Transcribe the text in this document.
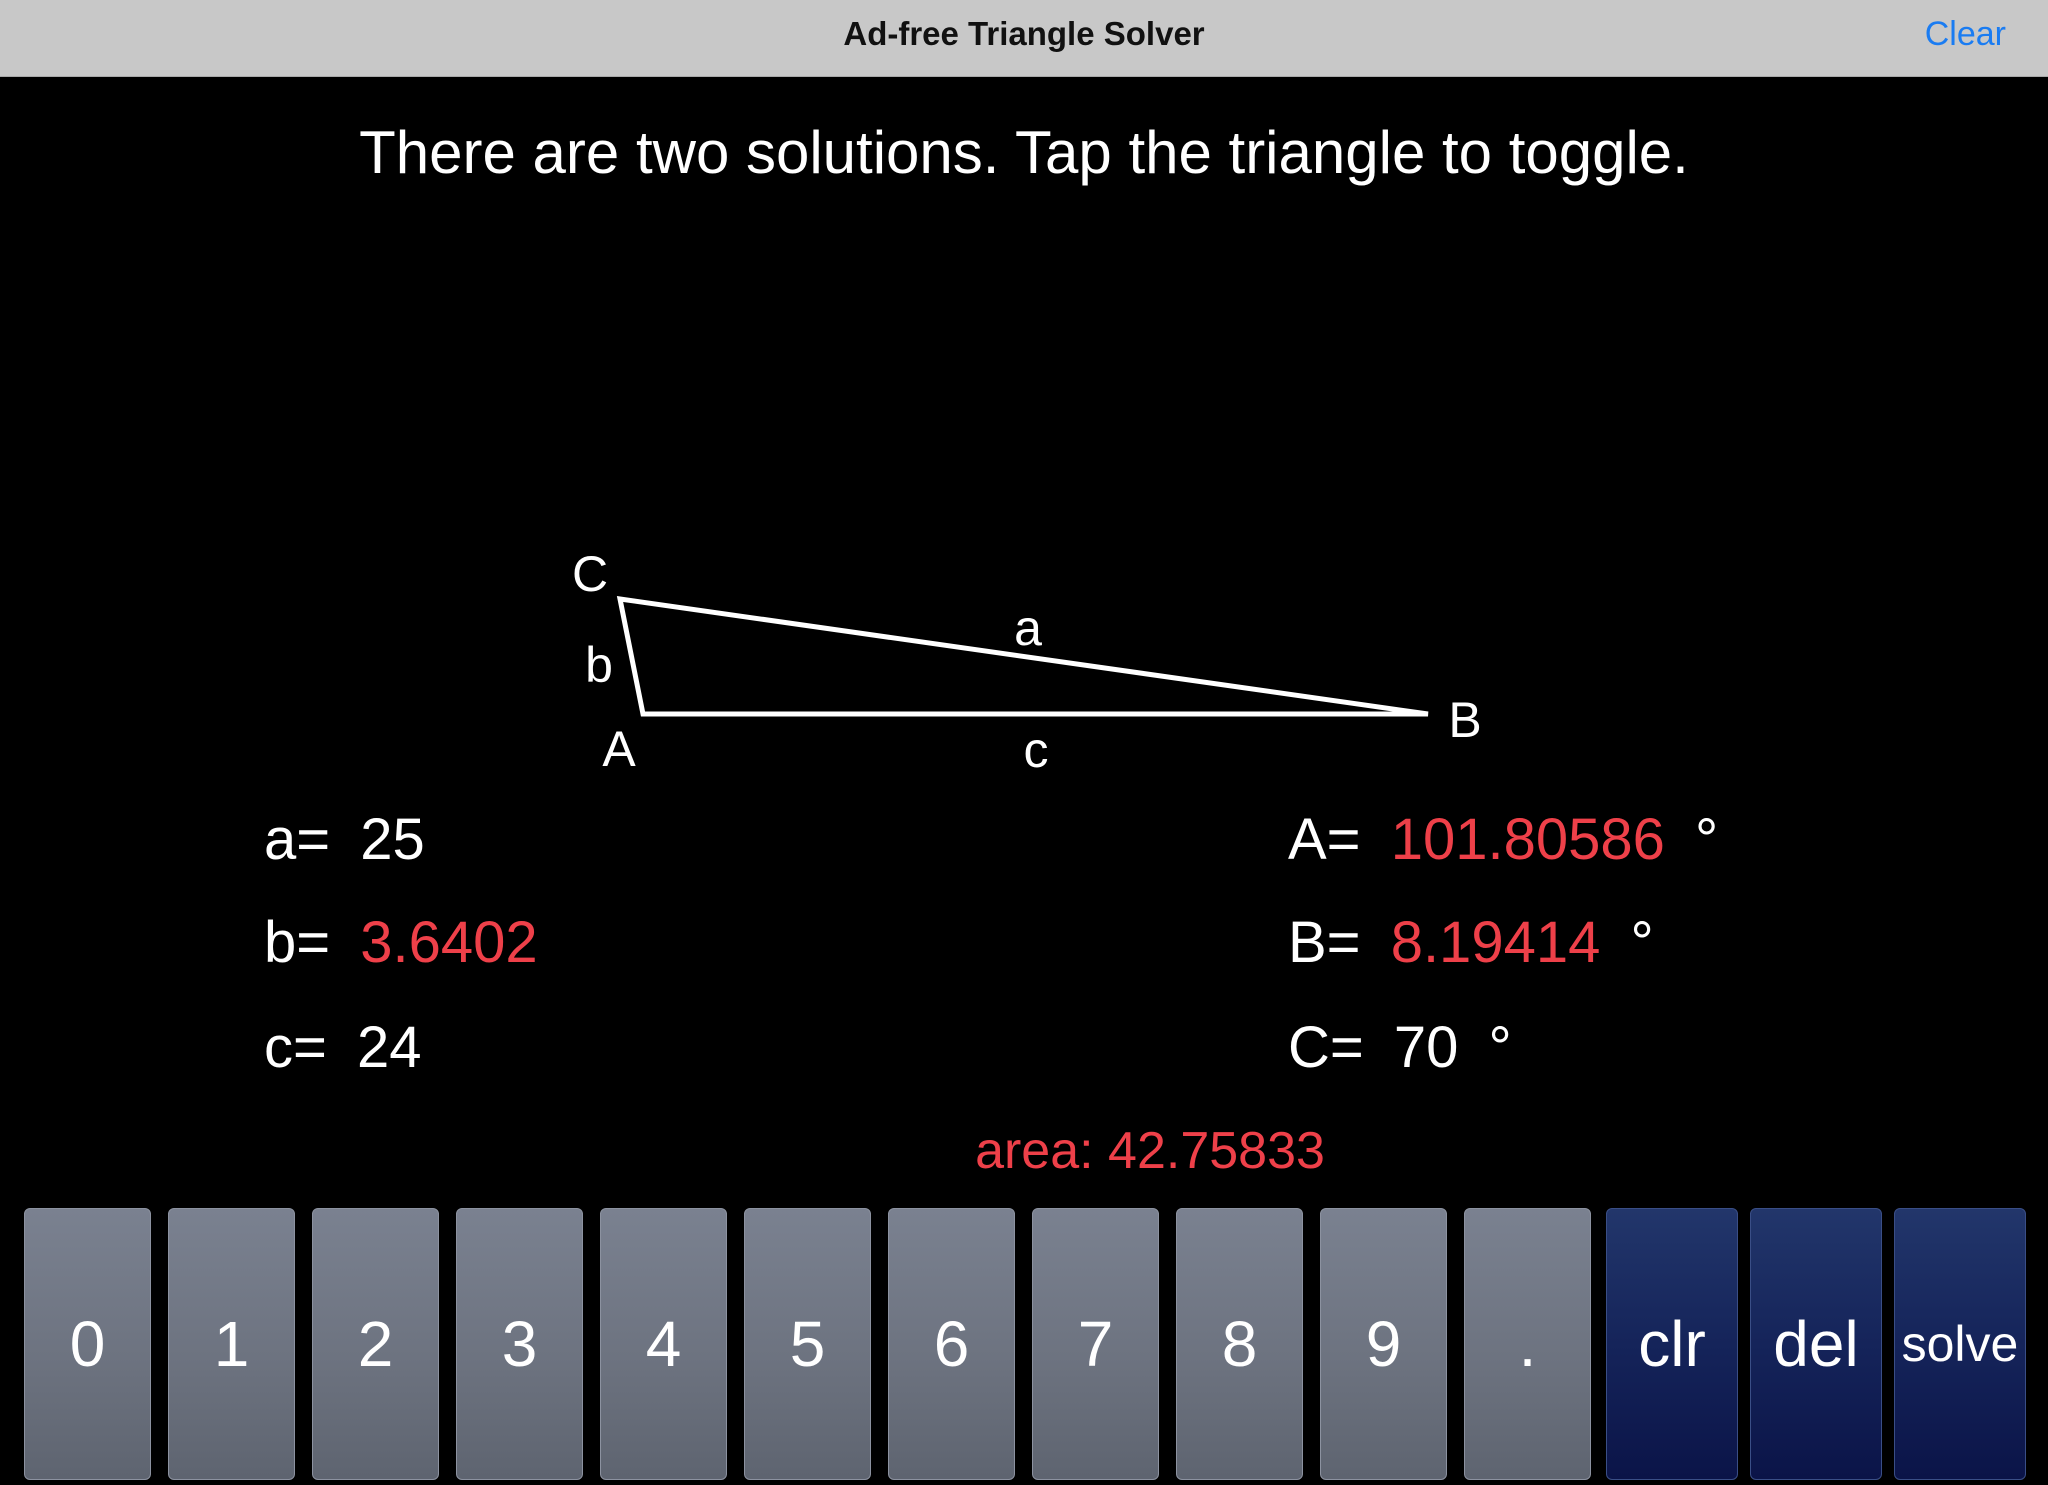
Ad-free Triangle Solver	Clear
There are two solutions. Tap the triangle to toggle.
C
A
B
a
b
c
a= 25
b= 3.6402
c= 24
A= 101.80586 °
B= 8.19414 °
C= 70 °
area: 42.75833
0	1	2	3	4	5	6	7	8	9	.	clr	del solve
